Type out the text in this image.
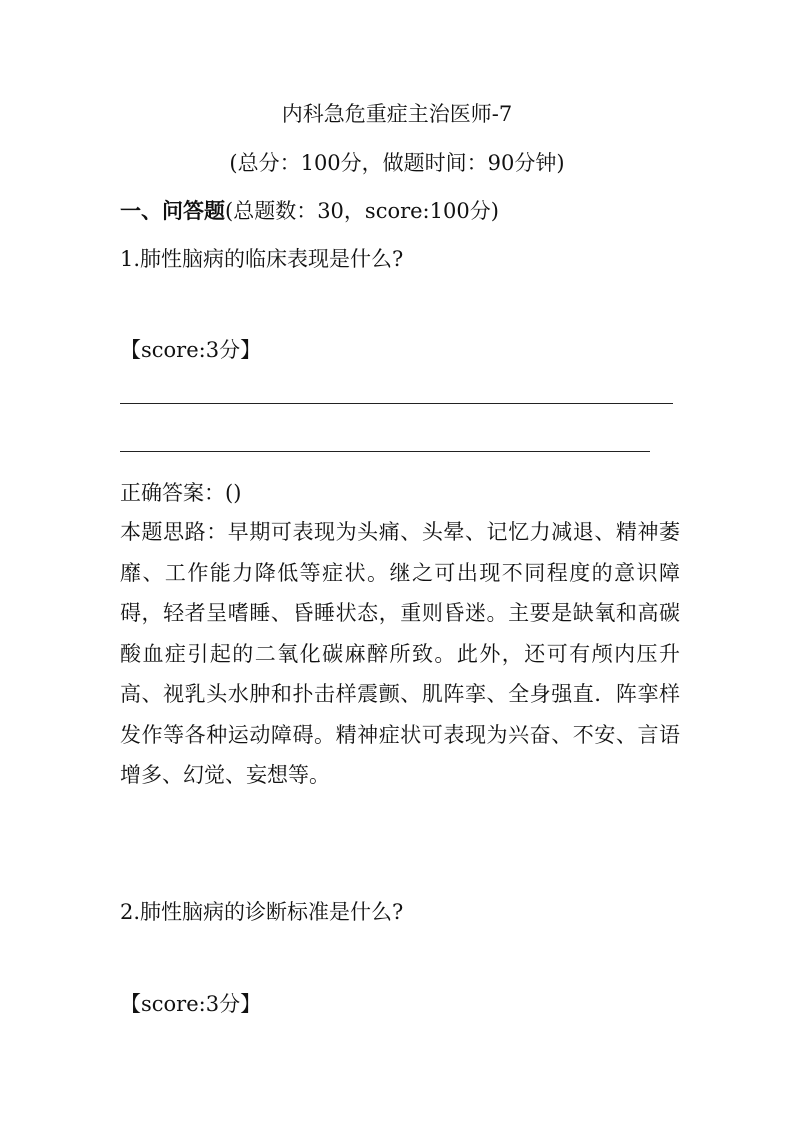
内科急危重症主治医师-7
(总分：100分，做题时间：90分钟)
一、问答题(总题数：30，score:100分)
1.肺性脑病的临床表现是什么?
【score:3分】
正确答案：()
本题思路：早期可表现为头痛、头晕、记忆力减退、精神萎靡、工作能力降低等症状。继之可出现不同程度的意识障碍，轻者呈嗜睡、昏睡状态，重则昏迷。主要是缺氧和高碳酸血症引起的二氧化碳麻醉所致。此外，还可有颅内压升高、视乳头水肿和扑击样震颤、肌阵挛、全身强直．阵挛样发作等各种运动障碍。精神症状可表现为兴奋、不安、言语增多、幻觉、妄想等。
2.肺性脑病的诊断标准是什么?
【score:3分】
